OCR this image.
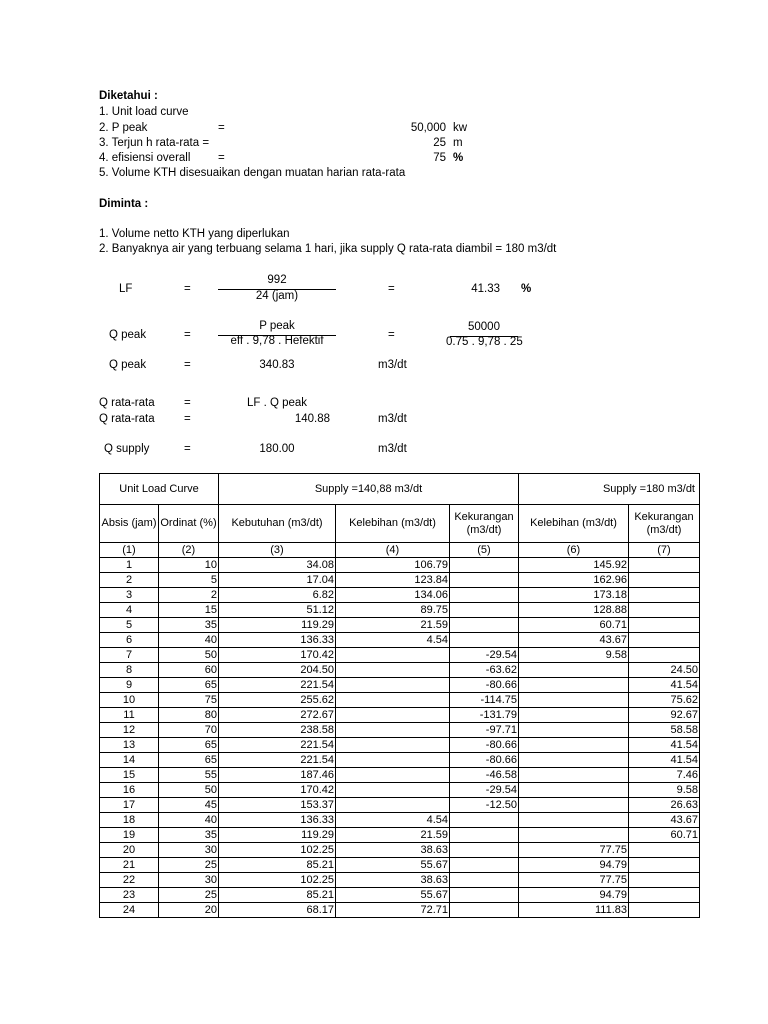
Diketahui :
1. Unit load curve
2. P peak	=	50,000 kw
3. Terjun h rata-rata =	25 m
4. efisiensi overall =	75 %
5. Volume KTH disesuaikan dengan muatan harian rata-rata
Diminta :
1. Volume netto KTH yang diperlukan
2. Banyaknya air yang terbuang selama 1 hari, jika supply Q rata-rata diambil = 180 m3/dt
LF	=
992
24 (jam)
=	41.33 %
Q peak	=
P peak
eff . 9,78 . Hefektif	=
50000
0.75 . 9,78 . 25
Q peak	=	340.83	m3/dt
Q rata-rata	=	LF . Q peak
Q rata-rata	=	140.88	m3/dt
Q supply	=	180.00	m3/dt
Unit Load Curve		Supply =140,88 m3/dt			Supply =180 m3/dt	
Absis (jam)	Ordinat (%)	Kebutuhan (m3/dt)	Kelebihan (m3/dt)	Kekurangan (m3/dt)	Kelebihan (m3/dt)	Kekurangan (m3/dt)
(1)	(2)	(3)	(4)	(5)	(6)	(7)
1	10	34.08	106.79		145.92	
2	5	17.04	123.84		162.96	
3	2	6.82	134.06		173.18	
4	15	51.12	89.75		128.88	
5	35	119.29	21.59		60.71	
6	40	136.33	4.54		43.67	
7	50	170.42		-29.54	9.58	
8	60	204.50		-63.62		24.50
9	65	221.54		-80.66		41.54
10	75	255.62		-114.75		75.62
11	80	272.67		-131.79		92.67
12	70	238.58		-97.71		58.58
13	65	221.54		-80.66		41.54
14	65	221.54		-80.66		41.54
15	55	187.46		-46.58		7.46
16	50	170.42		-29.54		9.58
17	45	153.37		-12.50		26.63
18	40	136.33	4.54			43.67
19	35	119.29	21.59			60.71
20	30	102.25	38.63		77.75	
21	25	85.21	55.67		94.79	
22	30	102.25	38.63		77.75	
23	25	85.21	55.67		94.79	
24	20	68.17	72.71		111.83	
